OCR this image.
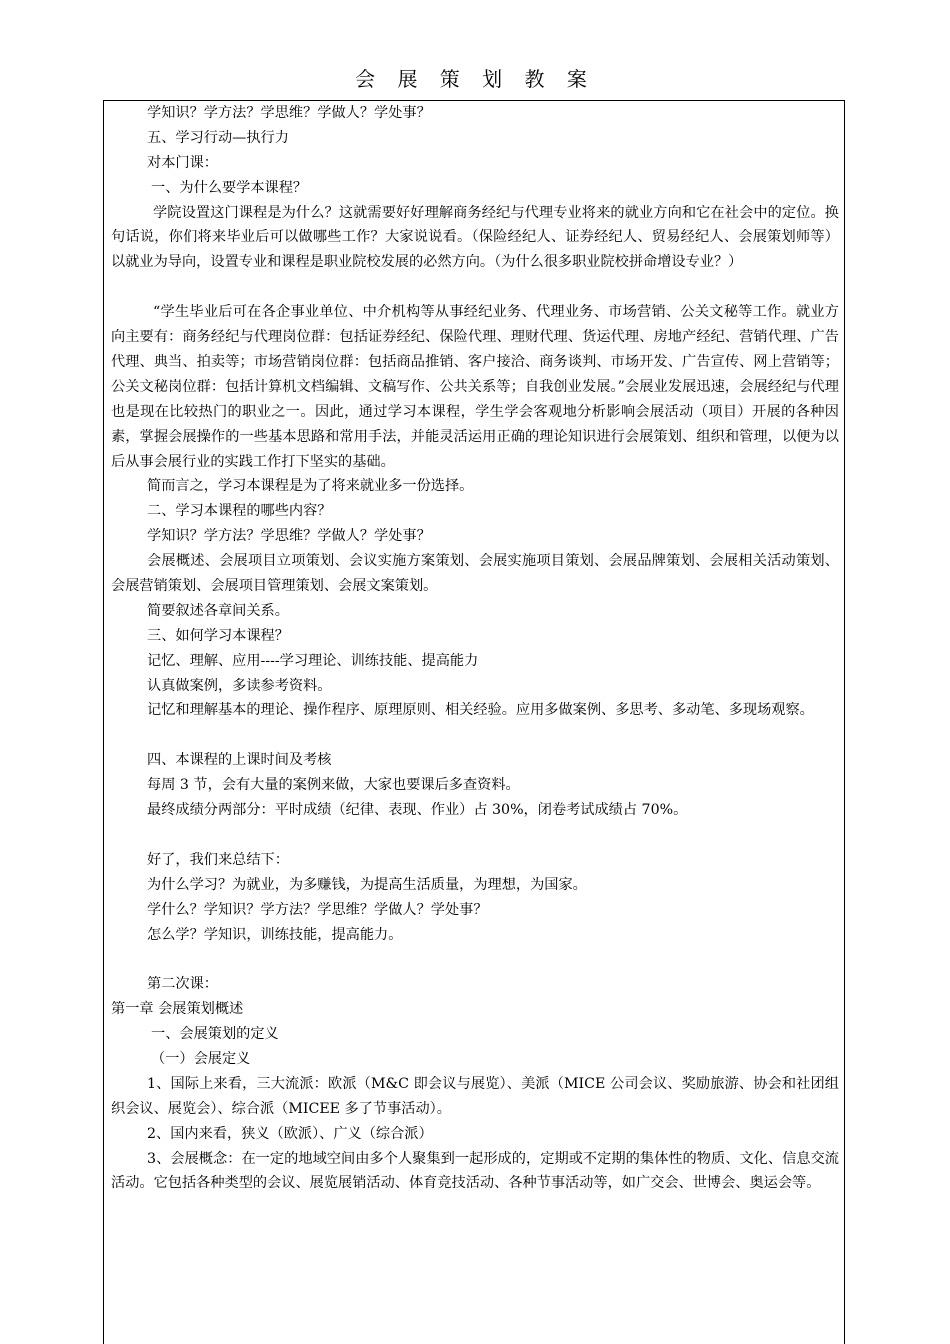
会 展 策 划 教 案
学知识？学方法？学思维？学做人？学处事？
五、学习行动—执行力
对本门课：
一、为什么要学本课程？
学院设置这门课程是为什么？这就需要好好理解商务经纪与代理专业将来的就业方向和它在社会中的定位。换句话说，你们将来毕业后可以做哪些工作？大家说说看。（保险经纪人、证券经纪人、贸易经纪人、会展策划师等）以就业为导向，设置专业和课程是职业院校发展的必然方向。（为什么很多职业院校拼命增设专业？）
“学生毕业后可在各企事业单位、中介机构等从事经纪业务、代理业务、市场营销、公关文秘等工作。就业方向主要有：商务经纪与代理岗位群：包括证券经纪、保险代理、理财代理、货运代理、房地产经纪、营销代理、广告代理、典当、拍卖等；市场营销岗位群：包括商品推销、客户接洽、商务谈判、市场开发、广告宣传、网上营销等；公关文秘岗位群：包括计算机文档编辑、文稿写作、公共关系等；自我创业发展。”会展业发展迅速，会展经纪与代理也是现在比较热门的职业之一。因此，通过学习本课程，学生学会客观地分析影响会展活动（项目）开展的各种因素，掌握会展操作的一些基本思路和常用手法，并能灵活运用正确的理论知识进行会展策划、组织和管理，以便为以后从事会展行业的实践工作打下坚实的基础。
简而言之，学习本课程是为了将来就业多一份选择。
二、学习本课程的哪些内容？
学知识？学方法？学思维？学做人？学处事？
会展概述、会展项目立项策划、会议实施方案策划、会展实施项目策划、会展品牌策划、会展相关活动策划、会展营销策划、会展项目管理策划、会展文案策划。
简要叙述各章间关系。
三、如何学习本课程？
记忆、理解、应用----学习理论、训练技能、提高能力
认真做案例，多读参考资料。
记忆和理解基本的理论、操作程序、原理原则、相关经验。应用多做案例、多思考、多动笔、多现场观察。
四、本课程的上课时间及考核
每周 3 节，会有大量的案例来做，大家也要课后多查资料。
最终成绩分两部分：平时成绩（纪律、表现、作业）占 30%，闭卷考试成绩占 70%。
好了，我们来总结下：
为什么学习？为就业，为多赚钱，为提高生活质量，为理想，为国家。
学什么？学知识？学方法？学思维？学做人？学处事？
怎么学？学知识，训练技能，提高能力。
第二次课：
第一章 会展策划概述
一、会展策划的定义
（一）会展定义
1、国际上来看，三大流派：欧派（M&C 即会议与展览）、美派（MICE 公司会议、奖励旅游、协会和社团组织会议、展览会）、综合派（MICEE 多了节事活动）。
2、国内来看，狭义（欧派）、广义（综合派）
3、会展概念：在一定的地域空间由多个人聚集到一起形成的，定期或不定期的集体性的物质、文化、信息交流活动。它包括各种类型的会议、展览展销活动、体育竞技活动、各种节事活动等，如广交会、世博会、奥运会等。
